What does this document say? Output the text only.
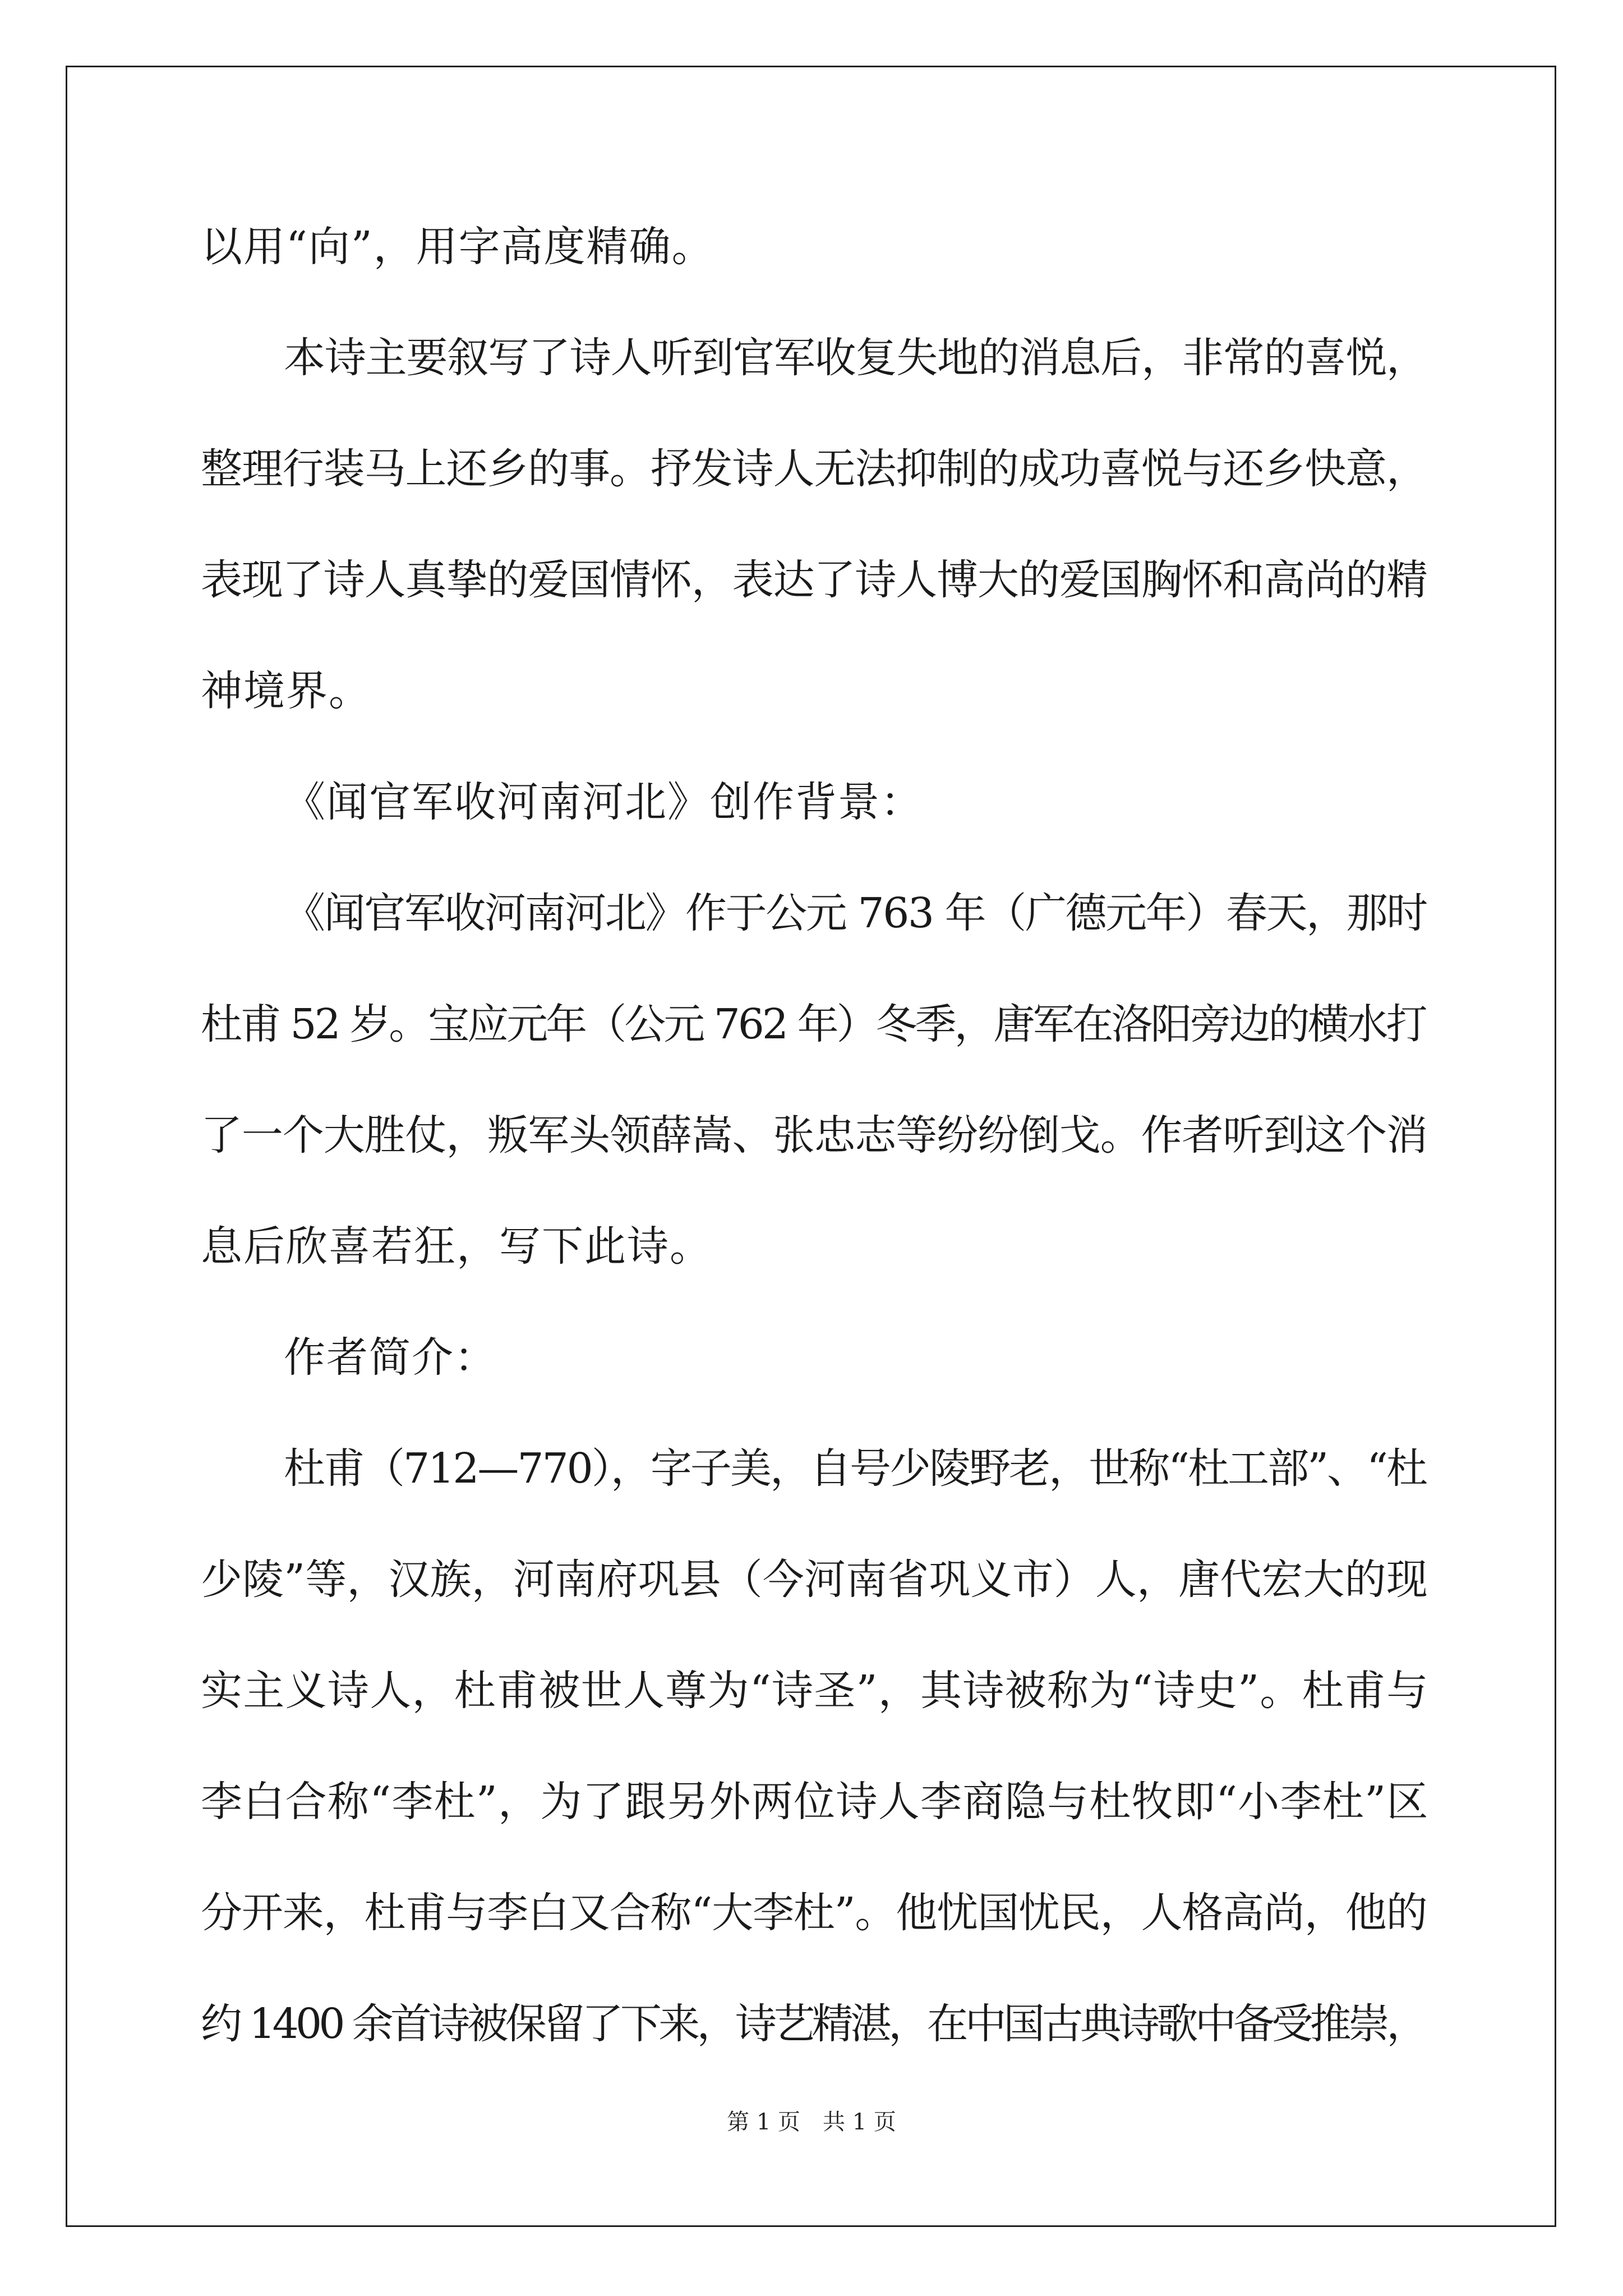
以用“向”，用字高度精确。
本诗主要叙写了诗人听到官军收复失地的消息后，非常的喜悦，
整理行装马上还乡的事。抒发诗人无法抑制的成功喜悦与还乡快意，
表现了诗人真挚的爱国情怀，表达了诗人博大的爱国胸怀和高尚的精
神境界。
《闻官军收河南河北》创作背景：
《闻官军收河南河北》作于公元 763 年（广德元年）春天，那时
杜甫 52 岁。宝应元年（公元 762 年）冬季，唐军在洛阳旁边的横水打
了一个大胜仗，叛军头领薛嵩、张忠志等纷纷倒戈。作者听到这个消
息后欣喜若狂，写下此诗。
作者简介：
杜甫（712—770），字子美，自号少陵野老，世称“杜工部”、“杜
少陵”等，汉族，河南府巩县（今河南省巩义市）人，唐代宏大的现
实主义诗人，杜甫被世人尊为“诗圣”，其诗被称为“诗史”。杜甫与
李白合称“李杜”，为了跟另外两位诗人李商隐与杜牧即“小李杜”区
分开来，杜甫与李白又合称“大李杜”。他忧国忧民，人格高尚，他的
约 1400 余首诗被保留了下来，诗艺精湛，在中国古典诗歌中备受推崇，
第 1 页　共 1 页
